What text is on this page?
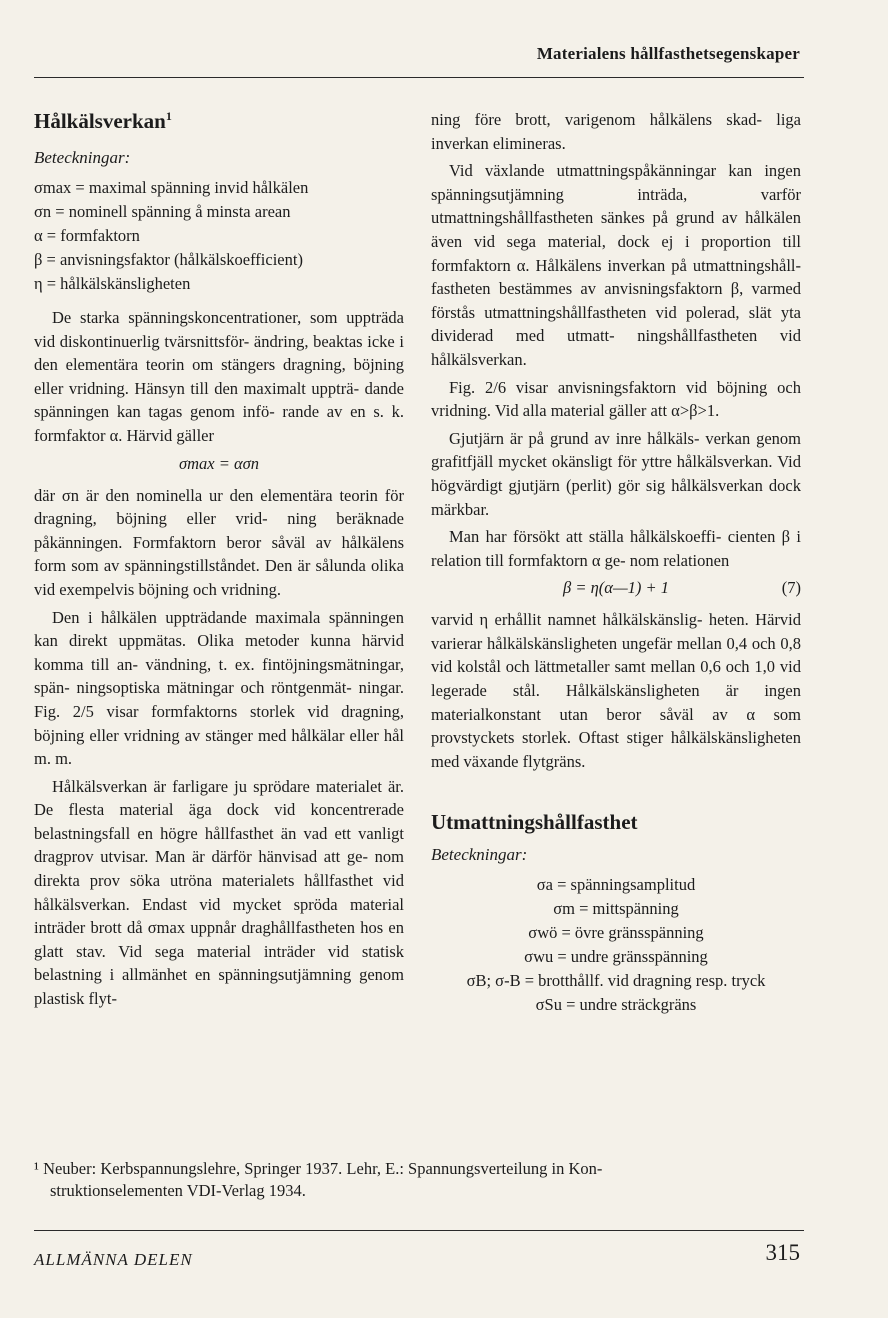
Materialens hållfasthetsegenskaper
Hålkälsverkan$^1$
Beteckningar:
σmax = maximal spänning invid hålkälen
σn = nominell spänning å minsta arean
α = formfaktorn
β = anvisningsfaktor (hålkälskoefficient)
η = hålkälskänsligheten

De starka spänningskoncentrationer, som uppträda vid diskontinuerlig tvärsnittsför- ändring, beaktas icke i den elementära teorin om stängers dragning, böjning eller vridning. Hänsyn till den maximalt uppträ- dande spänningen kan tagas genom infö- rande av en s. k. formfaktor α. Härvid gäller

σmax = ασn

där σn är den nominella ur den elementära teorin för dragning, böjning eller vrid- ning beräknade påkänningen. Formfaktorn beror såväl av hålkälens form som av spänningstillståndet. Den är sålunda olika vid exempelvis böjning och vridning.

Den i hålkälen uppträdande maximala spänningen kan direkt uppmätas. Olika metoder kunna härvid komma till an- vändning, t. ex. fintöjningsmätningar, spän- ningsoptiska mätningar och röntgenmät- ningar. Fig. 2/5 visar formfaktorns storlek vid dragning, böjning eller vridning av stänger med hålkälar eller hål m. m.

Hålkälsverkan är farligare ju sprödare materialet är. De flesta material äga dock vid koncentrerade belastningsfall en högre hållfasthet än vad ett vanligt dragprov utvisar. Man är därför hänvisad att ge- nom direkta prov söka utröna materialets hållfasthet vid hålkälsverkan. Endast vid mycket spröda material inträder brott då σmax uppnår draghållfastheten hos en glatt stav. Vid sega material inträder vid statisk belastning i allmänhet en spänningsutjämning genom plastisk flyt-

ning före brott, varigenom hålkälens skad- liga inverkan elimineras.

Vid växlande utmattningspåkänningar kan ingen spänningsutjämning inträda, varför utmattningshållfastheten sänkes på grund av hålkälen även vid sega material, dock ej i proportion till formfaktorn α. Hålkälens inverkan på utmattningshåll- fastheten bestämmes av anvisningsfaktorn β, varmed förstås utmattningshållfastheten vid polerad, slät yta dividerad med utmatt- ningshållfastheten vid hålkälsverkan.

Fig. 2/6 visar anvisningsfaktorn vid böjning och vridning. Vid alla material gäller att α>β>1.

Gjutjärn är på grund av inre hålkäls- verkan genom grafitfjäll mycket okänsligt för yttre hålkälsverkan. Vid högvärdigt gjutjärn (perlit) gör sig hålkälsverkan dock märkbar.

Man har försökt att ställa hålkälskoeffi- cienten β i relation till formfaktorn α ge- nom relationen

β = η(α—1) + 1	(7)

varvid η erhållit namnet hålkälskänslig- heten. Härvid varierar hålkälskänsligheten ungefär mellan 0,4 och 0,8 vid kolstål och lättmetaller samt mellan 0,6 och 1,0 vid legerade stål. Hålkälskänsligheten är ingen materialkonstant utan beror såväl av α som provstyckets storlek. Oftast stiger hålkälskänsligheten med växande flytgräns.

Utmattningshållfasthet
Beteckningar:
σa = spänningsamplitud
σm = mittspänning
σwö = övre gränsspänning
σwu = undre gränsspänning
σB; σ-B = brotthållf. vid dragning resp. tryck
σSu = undre sträckgräns
¹ Neuber: Kerbspannungslehre, Springer 1937. Lehr, E.: Spannungsverteilung in Kon-
struktionselementen VDI-Verlag 1934.
ALLMÄNNA DELEN	315
